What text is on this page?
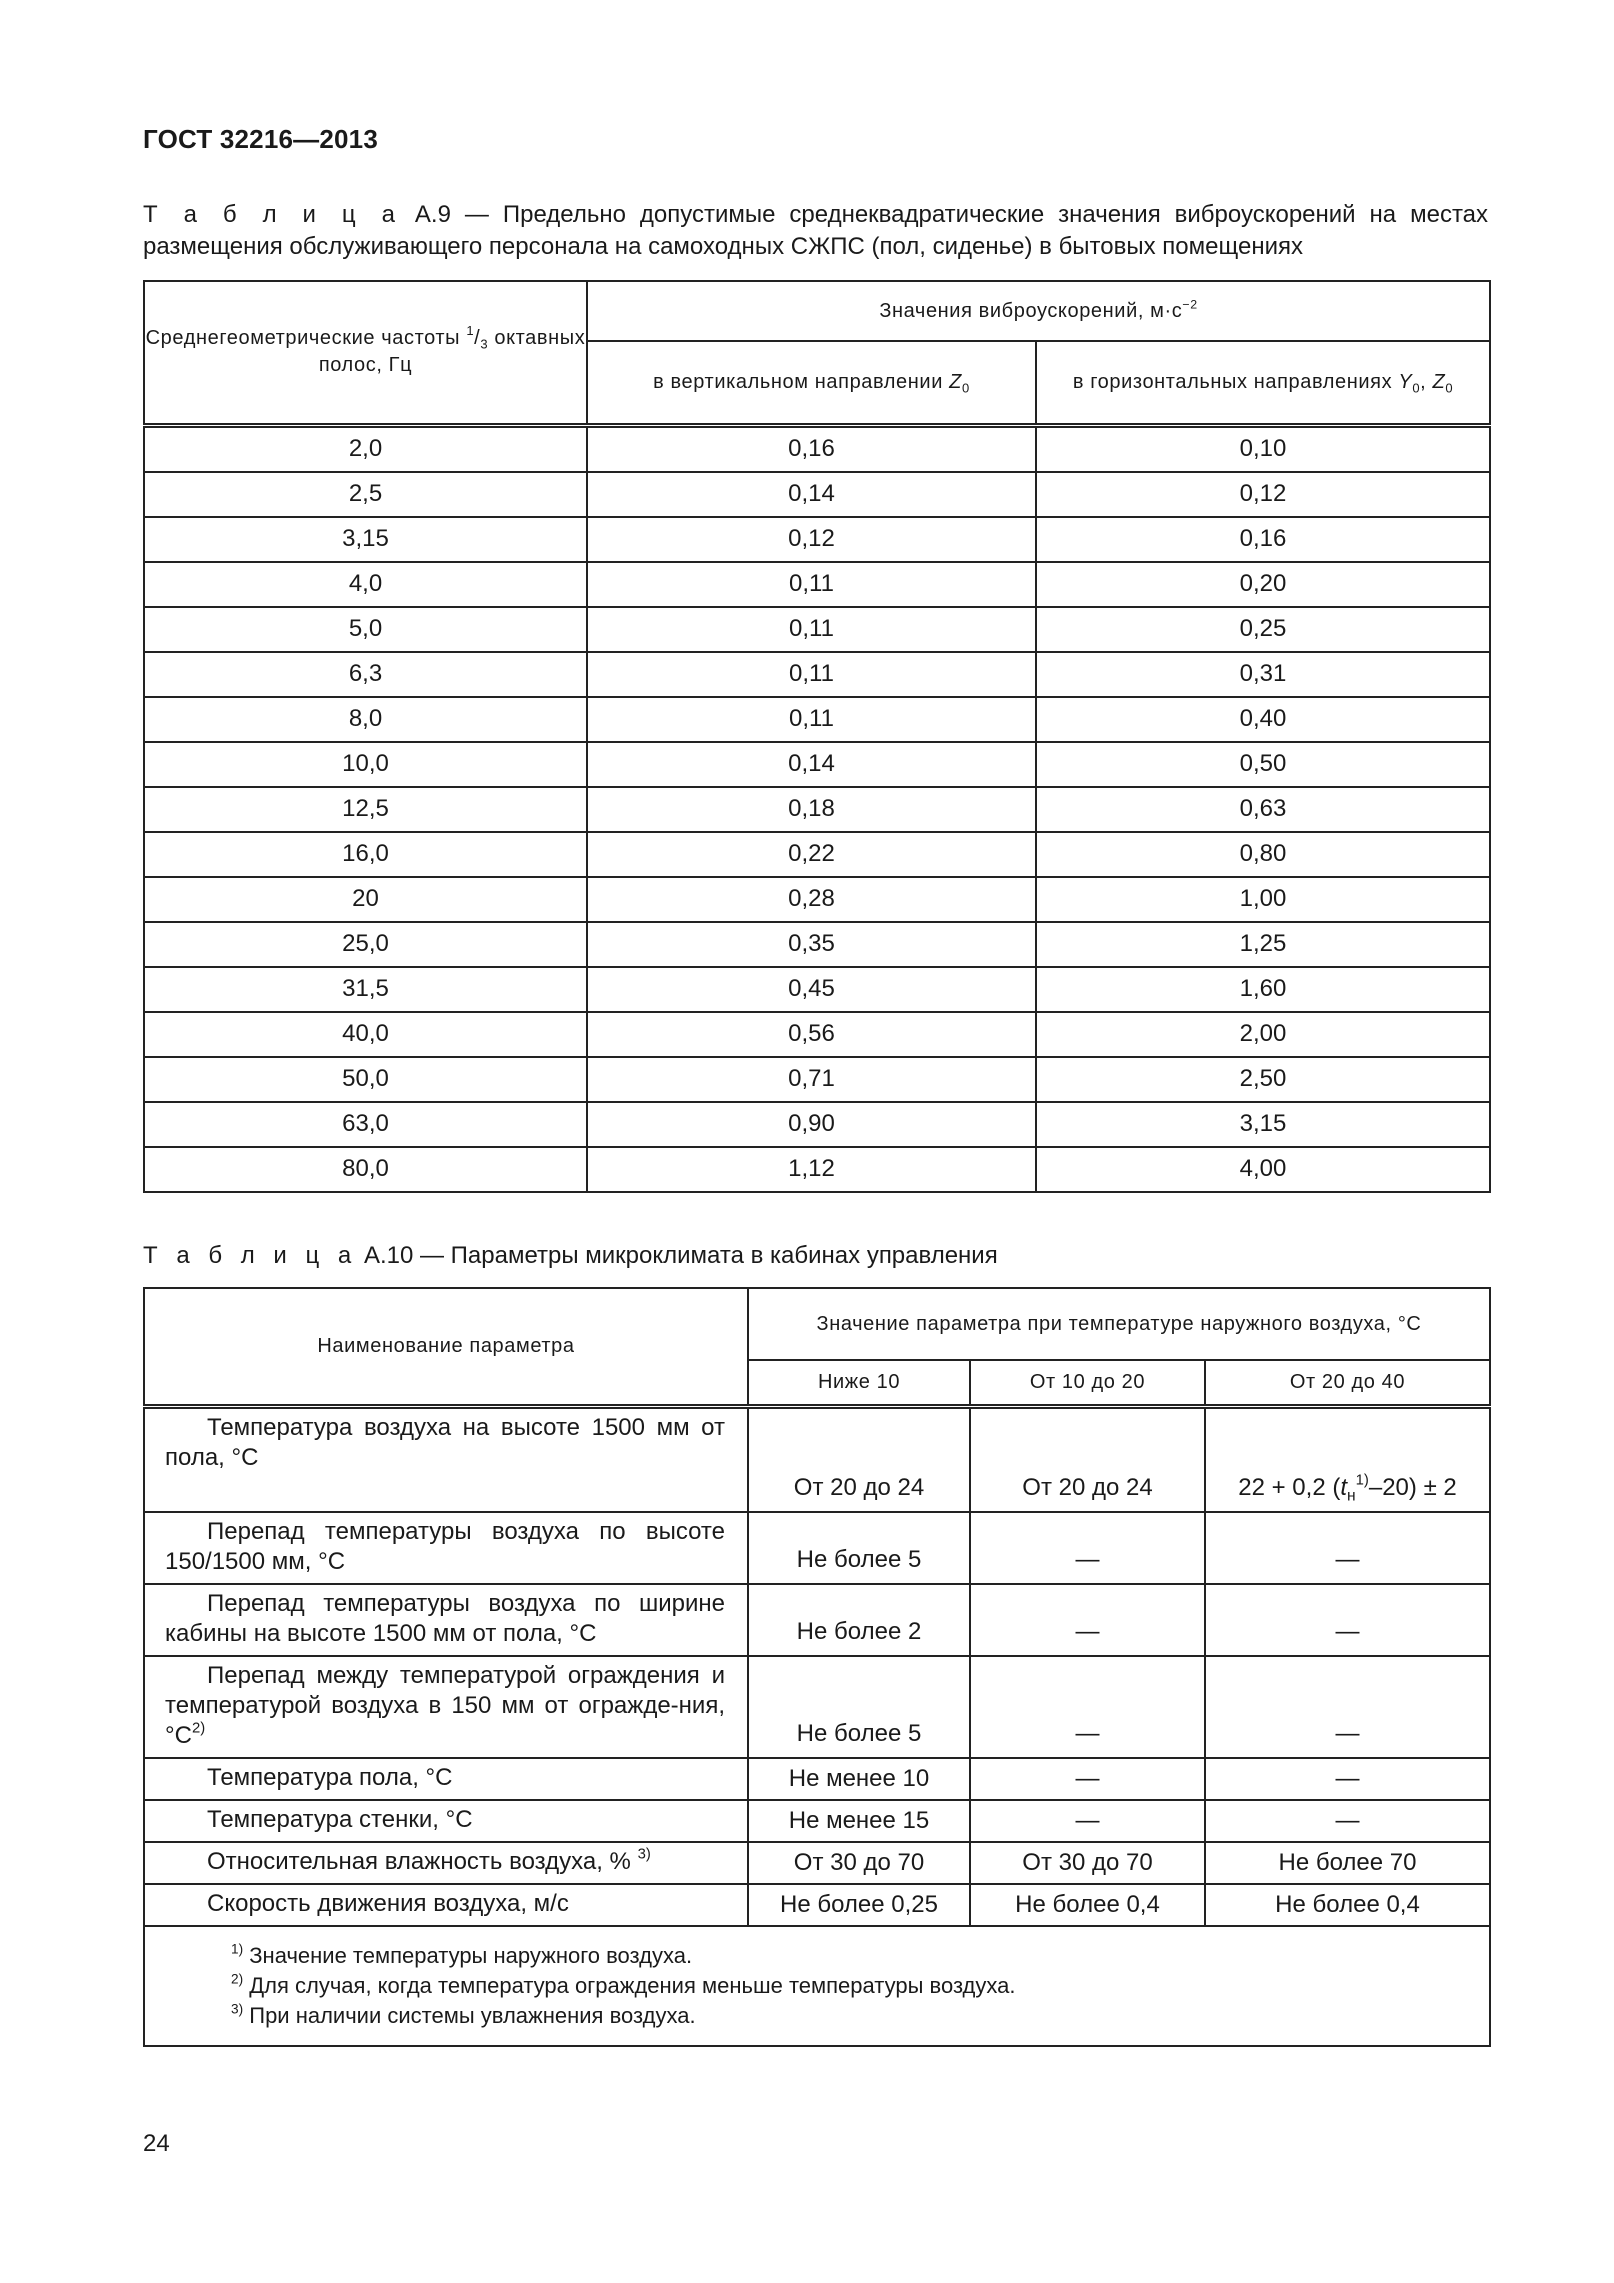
ГОСТ 32216—2013
Т а б л и ц а А.9 — Предельно допустимые среднеквадратические значения виброускорений на местах размещения обслуживающего персонала на самоходных СЖПС (пол, сиденье) в бытовых помещениях
Среднегеометрические частоты $^1/_3$ октавных полос, Гц	Значения виброускорений, $м\cdot с^{-2}$
	в вертикальном направлении $Z_0$	в горизонтальных направлениях $Y_0$, $Z_0$
2,0	0,16	0,10
2,5	0,14	0,12
3,15	0,12	0,16
4,0	0,11	0,20
5,0	0,11	0,25
6,3	0,11	0,31
8,0	0,11	0,40
10,0	0,14	0,50
12,5	0,18	0,63
16,0	0,22	0,80
20	0,28	1,00
25,0	0,35	1,25
31,5	0,45	1,60
40,0	0,56	2,00
50,0	0,71	2,50
63,0	0,90	3,15
80,0	1,12	4,00
Т а б л и ц а А.10 — Параметры микроклимата в кабинах управления
Наименование параметра	Значение параметра при температуре наружного воздуха, °С		
	Ниже 10	От 10 до 20	От 20 до 40

Температура воздуха на высоте 1500 мм от пола, °С	От 20 до 24	От 20 до 24	22 + 0,2 $(t_н^{1)}-20) \pm 2$

Перепад температуры воздуха по высоте 150/1500 мм, °С	Не более 5	—	—

Перепад температуры воздуха по ширине кабины на высоте 1500 мм от пола, °С	Не более 2	—	—

Перепад между температурой ограждения и температурой воздуха в 150 мм от огражде-ния, $^\circ С^{2)}$	Не более 5	—	—

Температура пола, °С	Не менее 10	—	—

Температура стенки, °С	Не менее 15	—	—

Относительная влажность воздуха, % $^{3)}$	От 30 до 70	От 30 до 70	Не более 70

Скорость движения воздуха, м/с	Не более 0,25	Не более 0,4	Не более 0,4

$^{1)}$ Значение температуры наружного воздуха.
$^{2)}$ Для случая, когда температура ограждения меньше температуры воздуха.
$^{3)}$ При наличии системы увлажнения воздуха.			
24
